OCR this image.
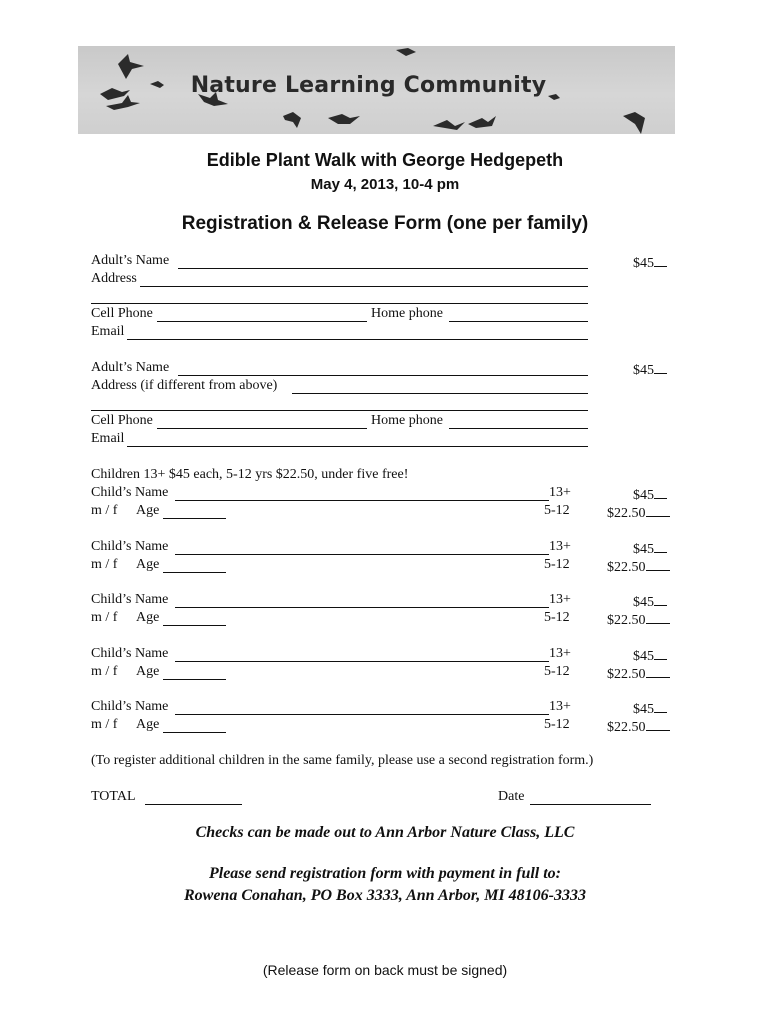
Nature Learning Community
Edible Plant Walk with George Hedgepeth
May 4, 2013, 10-4 pm
Registration & Release Form (one per family)
Adult’s Name	$45
Address
Cell Phone	Home phone
Email
Adult’s Name	$45
Address (if different from above)
Cell Phone	Home phone
Email
Children 13+ $45 each, 5-12 yrs $22.50, under five free!
Child’s Name	13+	$45
m / f Age	5-12	$22.50
Child’s Name	13+	$45
m / f Age	5-12	$22.50
Child’s Name	13+	$45
m / f Age	5-12	$22.50
Child’s Name	13+	$45
m / f Age	5-12	$22.50
Child’s Name	13+	$45
m / f Age	5-12	$22.50
(To register additional children in the same family, please use a second registration form.)
TOTAL	Date
Checks can be made out to Ann Arbor Nature Class, LLC
Please send registration form with payment in full to:
Rowena Conahan, PO Box 3333, Ann Arbor, MI 48106-3333
(Release form on back must be signed)
